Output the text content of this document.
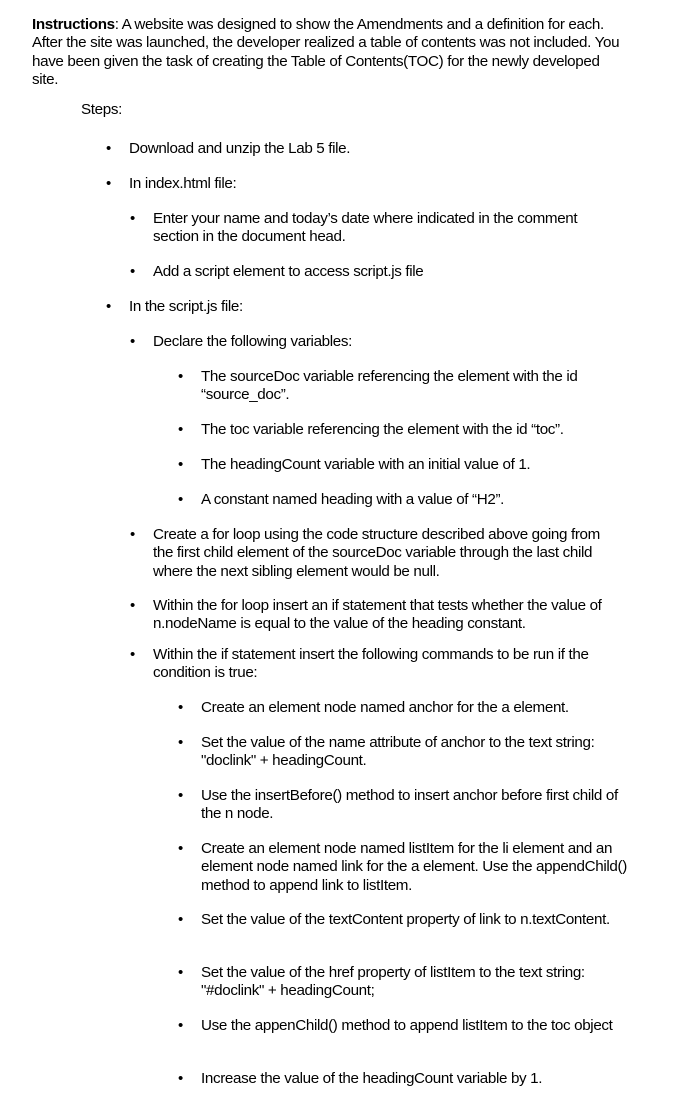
Instructions: A website was designed to show the Amendments and a definition for each. After the site was launched, the developer realized a table of contents was not included. You have been given the task of creating the Table of Contents(TOC) for the newly developed site.

Steps:

• Download and unzip the Lab 5 file.

• In index.html file:

• Enter your name and today’s date where indicated in the comment section in the document head.

• Add a script element to access script.js file

• In the script.js file:

• Declare the following variables:

• The sourceDoc variable referencing the element with the id “source_doc”.

• The toc variable referencing the element with the id “toc”.

• The headingCount variable with an initial value of 1.

• A constant named heading with a value of “H2”.

• Create a for loop using the code structure described above going from the first child element of the sourceDoc variable through the last child where the next sibling element would be null.

• Within the for loop insert an if statement that tests whether the value of n.nodeName is equal to the value of the heading constant.

• Within the if statement insert the following commands to be run if the condition is true:

• Create an element node named anchor for the a element.

• Set the value of the name attribute of anchor to the text string: "doclink" + headingCount.

• Use the insertBefore() method to insert anchor before first child of the n node.

• Create an element node named listItem for the li element and an element node named link for the a element. Use the appendChild() method to append link to listItem.

• Set the value of the textContent property of link to n.textContent.

• Set the value of the href property of listItem to the text string: "#doclink" + headingCount;

• Use the appenChild() method to append listItem to the toc object

• Increase the value of the headingCount variable by 1.
